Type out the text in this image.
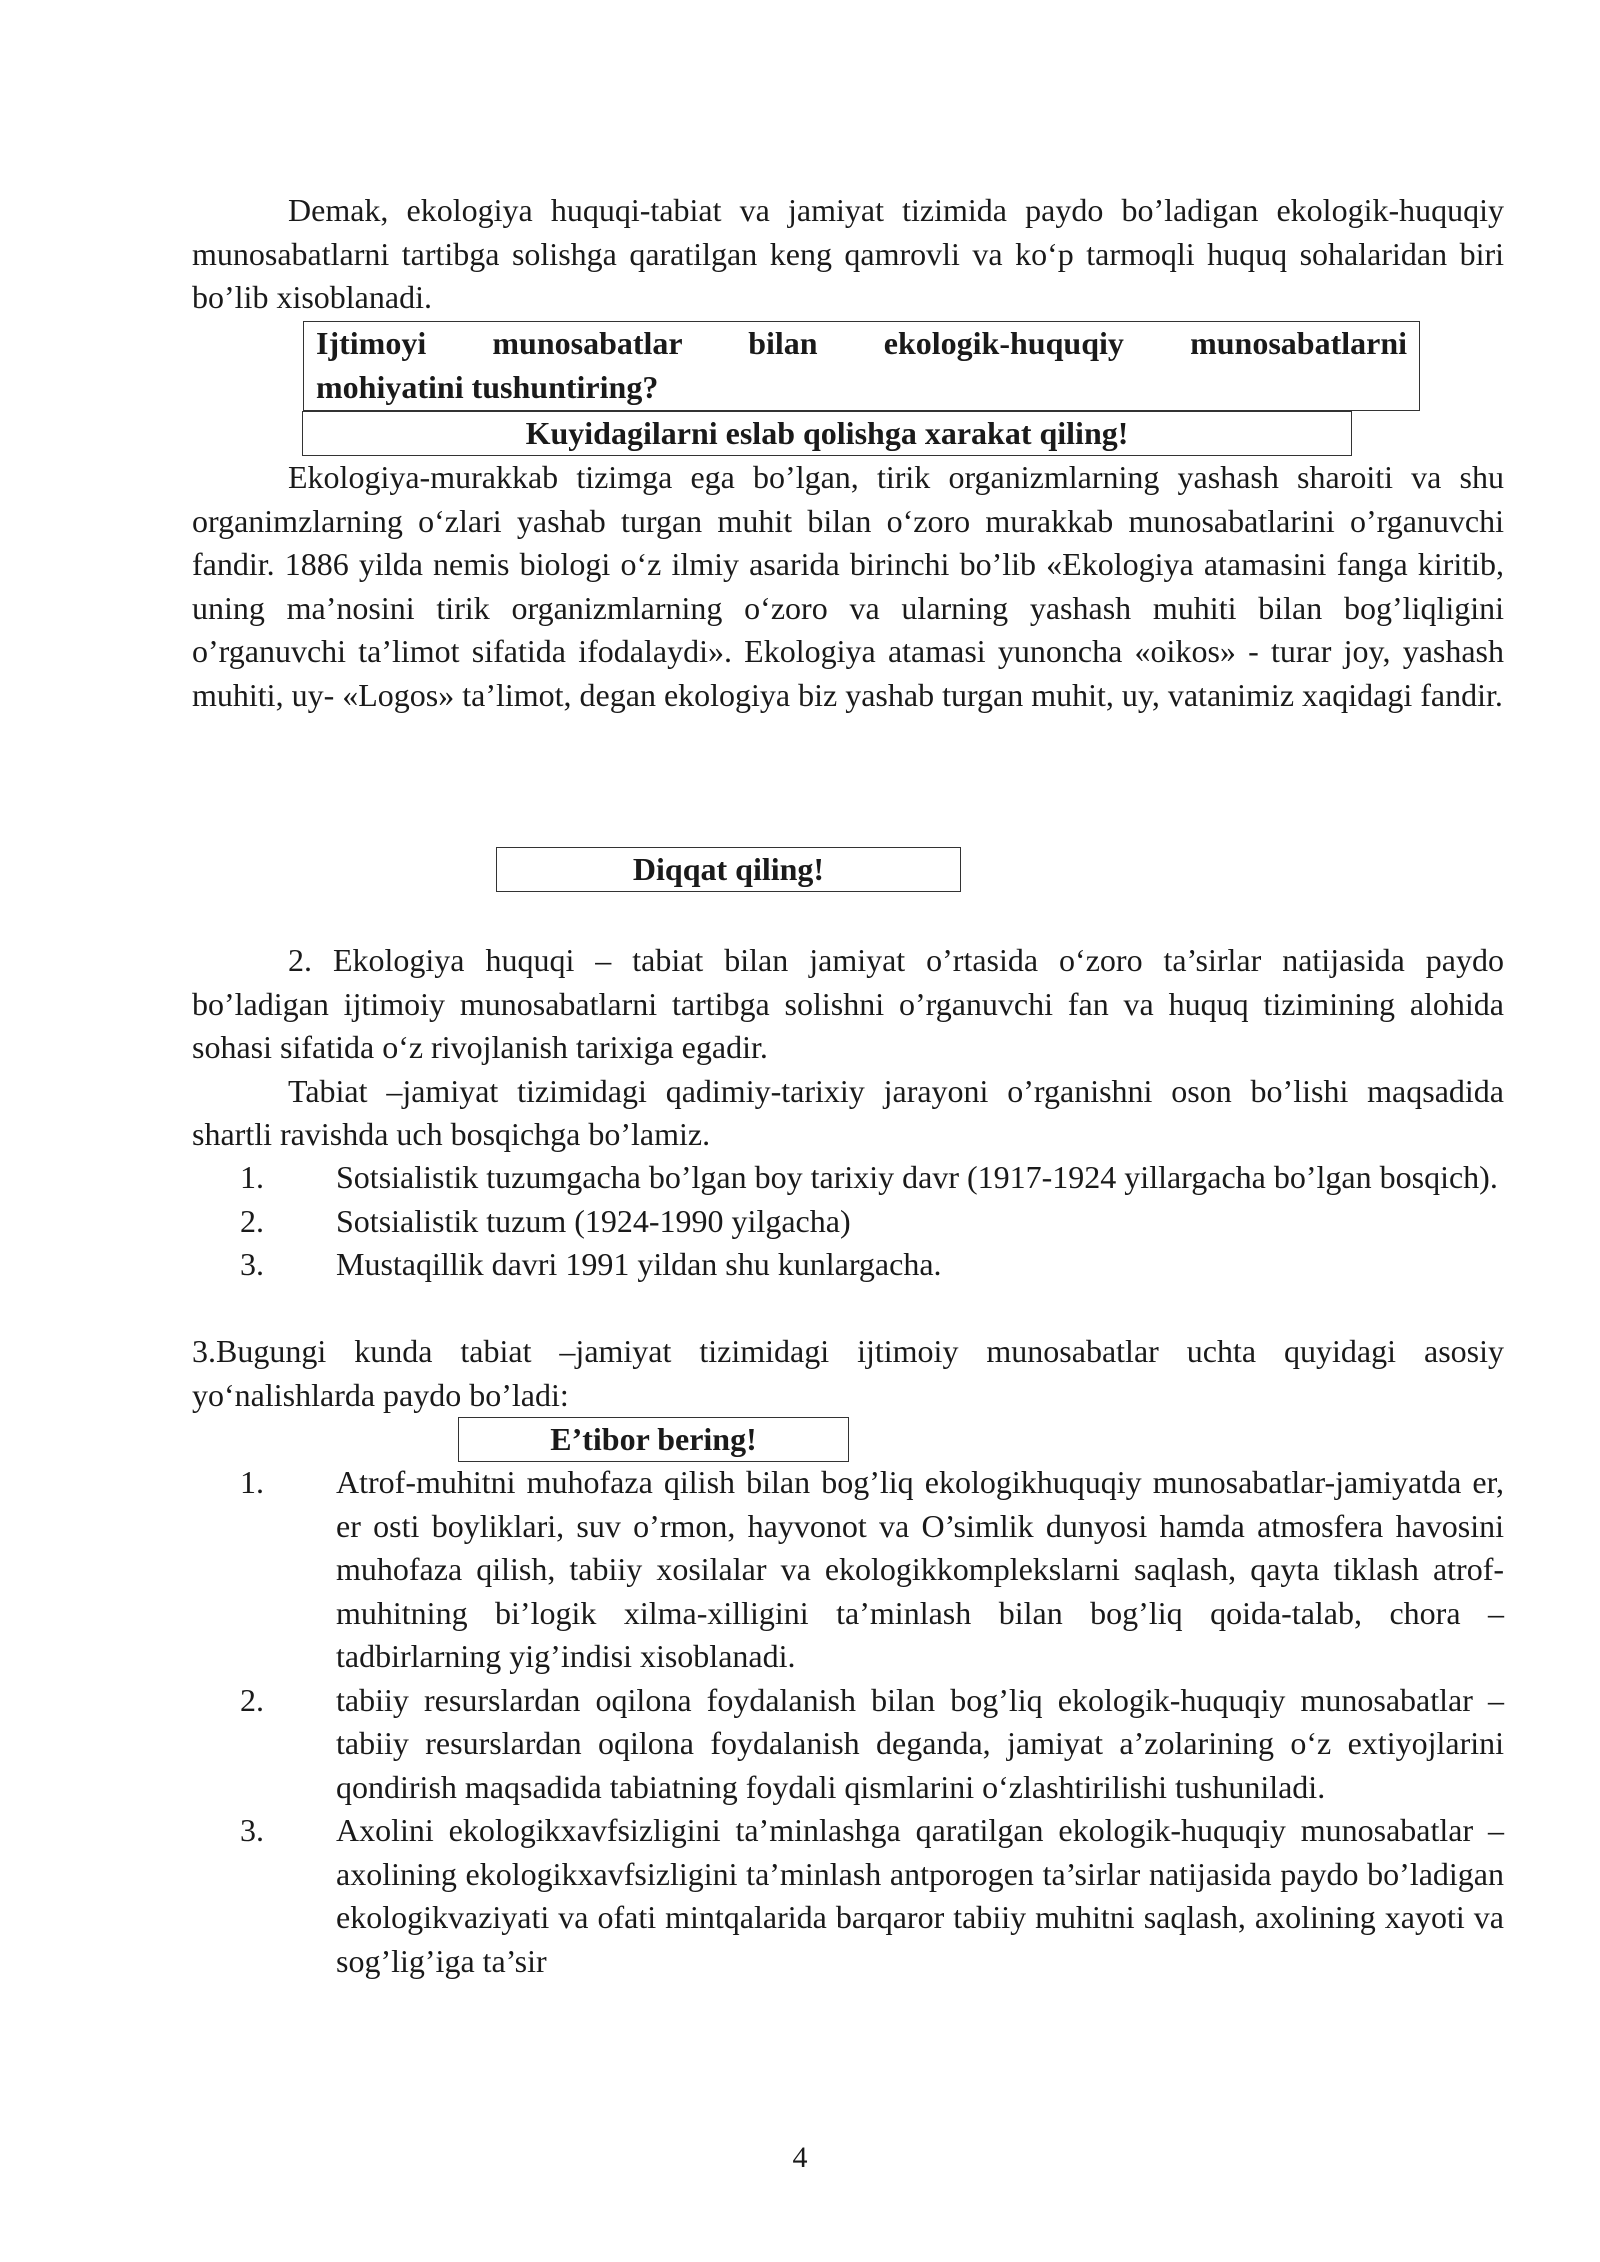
Demak, ekologiya huquqi-tabiat va jamiyat tizimida paydo bo’ladigan ekologik-huquqiy munosabatlarni tartibga solishga qaratilgan keng qamrovli va ko‘p tarmoqli huquq sohalaridan biri bo’lib xisoblanadi.

Ijtimoyi munosabatlar bilan ekologik-huquqiy munosabatlarni
mohiyatini tushuntiring?
Kuyidagilarni eslab qolishga xarakat qiling!

Ekologiya-murakkab tizimga ega bo’lgan, tirik organizmlarning yashash sharoiti va shu organimzlarning o‘zlari yashab turgan muhit bilan o‘zoro murakkab munosabatlarini o’rganuvchi fandir. 1886 yilda nemis biologi o‘z ilmiy asarida birinchi bo’lib «Ekologiya atamasini fanga kiritib, uning ma’nosini tirik organizmlarning o‘zoro va ularning yashash muhiti bilan bog’liqligini o’rganuvchi ta’limot sifatida ifodalaydi». Ekologiya atamasi yunoncha «oikos» - turar joy, yashash muhiti, uy- «Logos» ta’limot, degan ekologiya biz yashab turgan muhit, uy, vatanimiz xaqidagi fandir.

Diqqat qiling!

2. Ekologiya huquqi – tabiat bilan jamiyat o’rtasida o‘zoro ta’sirlar natijasida paydo bo’ladigan ijtimoiy munosabatlarni tartibga solishni o’rganuvchi fan va huquq tizimining alohida sohasi sifatida o‘z rivojlanish tarixiga egadir.

Tabiat –jamiyat tizimidagi qadimiy-tarixiy jarayoni o’rganishni oson bo’lishi maqsadida shartli ravishda uch bosqichga bo’lamiz.

1. Sotsialistik tuzumgacha bo’lgan boy tarixiy davr (1917-1924 yillargacha bo’lgan bosqich).
2. Sotsialistik tuzum (1924-1990 yilgacha)
3. Mustaqillik davri 1991 yildan shu kunlargacha.

3.Bugungi kunda tabiat –jamiyat tizimidagi ijtimoiy munosabatlar uchta quyidagi asosiy yo‘nalishlarda paydo bo’ladi:

E’tibor bering!
1. Atrof-muhitni muhofaza qilish bilan bog’liq ekologikhuquqiy munosabatlar-jamiyatda er, er osti boyliklari, suv o’rmon, hayvonot va O’simlik dunyosi hamda atmosfera havosini muhofaza qilish, tabiiy xosilalar va ekologikkomplekslarni saqlash, qayta tiklash atrof-muhitning bi’logik xilma-xilligini ta’minlash bilan bog’liq qoida-talab, chora –tadbirlarning yig’indisi xisoblanadi.
2. tabiiy resurslardan oqilona foydalanish bilan bog’liq ekologik-huquqiy munosabatlar – tabiiy resurslardan oqilona foydalanish deganda, jamiyat a’zolarining o‘z extiyojlarini qondirish maqsadida tabiatning foydali qismlarini o‘zlashtirilishi tushuniladi.
3. Axolini ekologikxavfsizligini ta’minlashga qaratilgan ekologik-huquqiy munosabatlar – axolining ekologikxavfsizligini ta’minlash antporogen ta’sirlar natijasida paydo bo’ladigan ekologikvaziyati va ofati mintqalarida barqaror tabiiy muhitni saqlash, axolining xayoti va sog’lig’iga ta’sir
4
